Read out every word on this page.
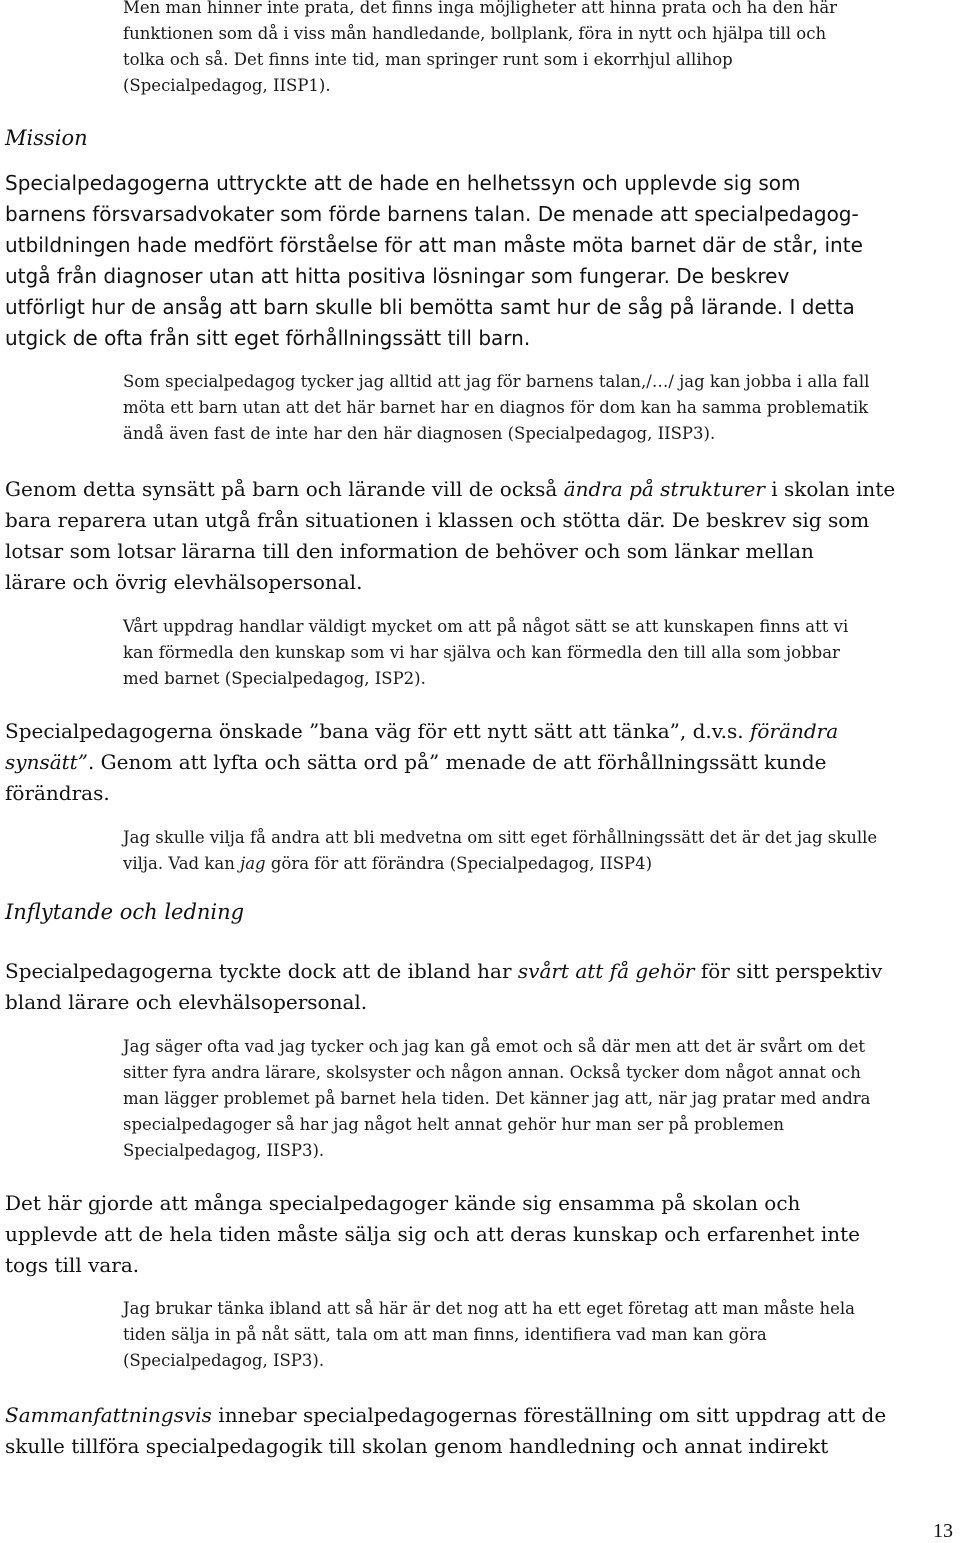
Men man hinner inte prata, det finns inga möjligheter att hinna prata och ha den här
funktionen som då i viss mån handledande, bollplank, föra in nytt och hjälpa till och
tolka och så. Det finns inte tid, man springer runt som i ekorrhjul allihop
(Specialpedagog, IISP1).
Mission
Specialpedagogerna uttryckte att de hade en helhetssyn och upplevde sig som
barnens försvarsadvokater som förde barnens talan. De menade att specialpedagog-
utbildningen hade medfört förståelse för att man måste möta barnet där de står, inte
utgå från diagnoser utan att hitta positiva lösningar som fungerar. De beskrev
utförligt hur de ansåg att barn skulle bli bemötta samt hur de såg på lärande. I detta
utgick de ofta från sitt eget förhållningssätt till barn.
Som specialpedagog tycker jag alltid att jag för barnens talan,/…/ jag kan jobba i alla fall
möta ett barn utan att det här barnet har en diagnos för dom kan ha samma problematik
ändå även fast de inte har den här diagnosen (Specialpedagog, IISP3).
Genom detta synsätt på barn och lärande vill de också ändra på strukturer i skolan inte
bara reparera utan utgå från situationen i klassen och stötta där. De beskrev sig som
lotsar som lotsar lärarna till den information de behöver och som länkar mellan
lärare och övrig elevhälsopersonal.
Vårt uppdrag handlar väldigt mycket om att på något sätt se att kunskapen finns att vi
kan förmedla den kunskap som vi har själva och kan förmedla den till alla som jobbar
med barnet (Specialpedagog, ISP2).
Specialpedagogerna önskade ”bana väg för ett nytt sätt att tänka”, d.v.s. förändra
synsätt”. Genom att lyfta och sätta ord på” menade de att förhållningssätt kunde
förändras.
Jag skulle vilja få andra att bli medvetna om sitt eget förhållningssätt det är det jag skulle
vilja. Vad kan jag göra för att förändra (Specialpedagog, IISP4)
Inflytande och ledning
Specialpedagogerna tyckte dock att de ibland har svårt att få gehör för sitt perspektiv
bland lärare och elevhälsopersonal.
Jag säger ofta vad jag tycker och jag kan gå emot och så där men att det är svårt om det
sitter fyra andra lärare, skolsyster och någon annan. Också tycker dom något annat och
man lägger problemet på barnet hela tiden. Det känner jag att, när jag pratar med andra
specialpedagoger så har jag något helt annat gehör hur man ser på problemen
Specialpedagog, IISP3).
Det här gjorde att många specialpedagoger kände sig ensamma på skolan och
upplevde att de hela tiden måste sälja sig och att deras kunskap och erfarenhet inte
togs till vara.
Jag brukar tänka ibland att så här är det nog att ha ett eget företag att man måste hela
tiden sälja in på nåt sätt, tala om att man finns, identifiera vad man kan göra
(Specialpedagog, ISP3).
Sammanfattningsvis innebar specialpedagogernas föreställning om sitt uppdrag att de
skulle tillföra specialpedagogik till skolan genom handledning och annat indirekt
13
